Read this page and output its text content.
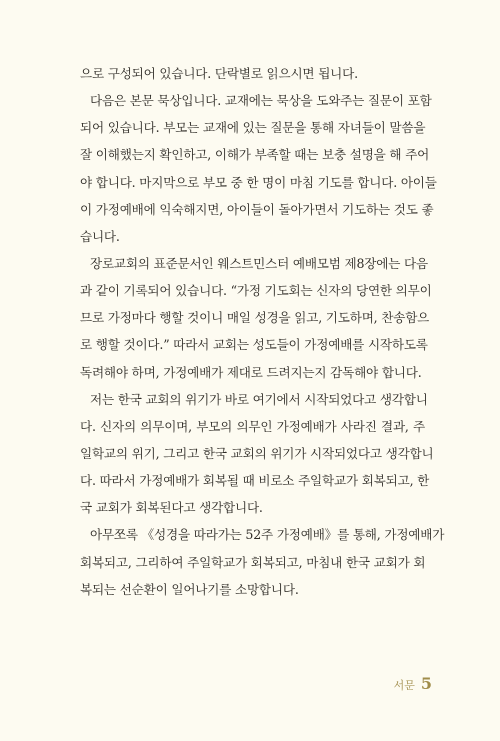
으로 구성되어 있습니다. 단락별로 읽으시면 됩니다.
다음은 본문 묵상입니다. 교재에는 묵상을 도와주는 질문이 포함
되어 있습니다. 부모는 교재에 있는 질문을 통해 자녀들이 말씀을
잘 이해했는지 확인하고, 이해가 부족할 때는 보충 설명을 해 주어
야 합니다. 마지막으로 부모 중 한 명이 마침 기도를 합니다. 아이들
이 가정예배에 익숙해지면, 아이들이 돌아가면서 기도하는 것도 좋
습니다.
장로교회의 표준문서인 웨스트민스터 예배모범 제8장에는 다음
과 같이 기록되어 있습니다. “가정 기도회는 신자의 당연한 의무이
므로 가정마다 행할 것이니 매일 성경을 읽고, 기도하며, 찬송함으
로 행할 것이다.” 따라서 교회는 성도들이 가정예배를 시작하도록
독려해야 하며, 가정예배가 제대로 드려지는지 감독해야 합니다.
저는 한국 교회의 위기가 바로 여기에서 시작되었다고 생각합니
다. 신자의 의무이며, 부모의 의무인 가정예배가 사라진 결과, 주
일학교의 위기, 그리고 한국 교회의 위기가 시작되었다고 생각합니
다. 따라서 가정예배가 회복될 때 비로소 주일학교가 회복되고, 한
국 교회가 회복된다고 생각합니다.
아무쪼록 《성경을 따라가는 52주 가정예배》를 통해, 가정예배가
회복되고, 그리하여 주일학교가 회복되고, 마침내 한국 교회가 회
복되는 선순환이 일어나기를 소망합니다.
서문 5
